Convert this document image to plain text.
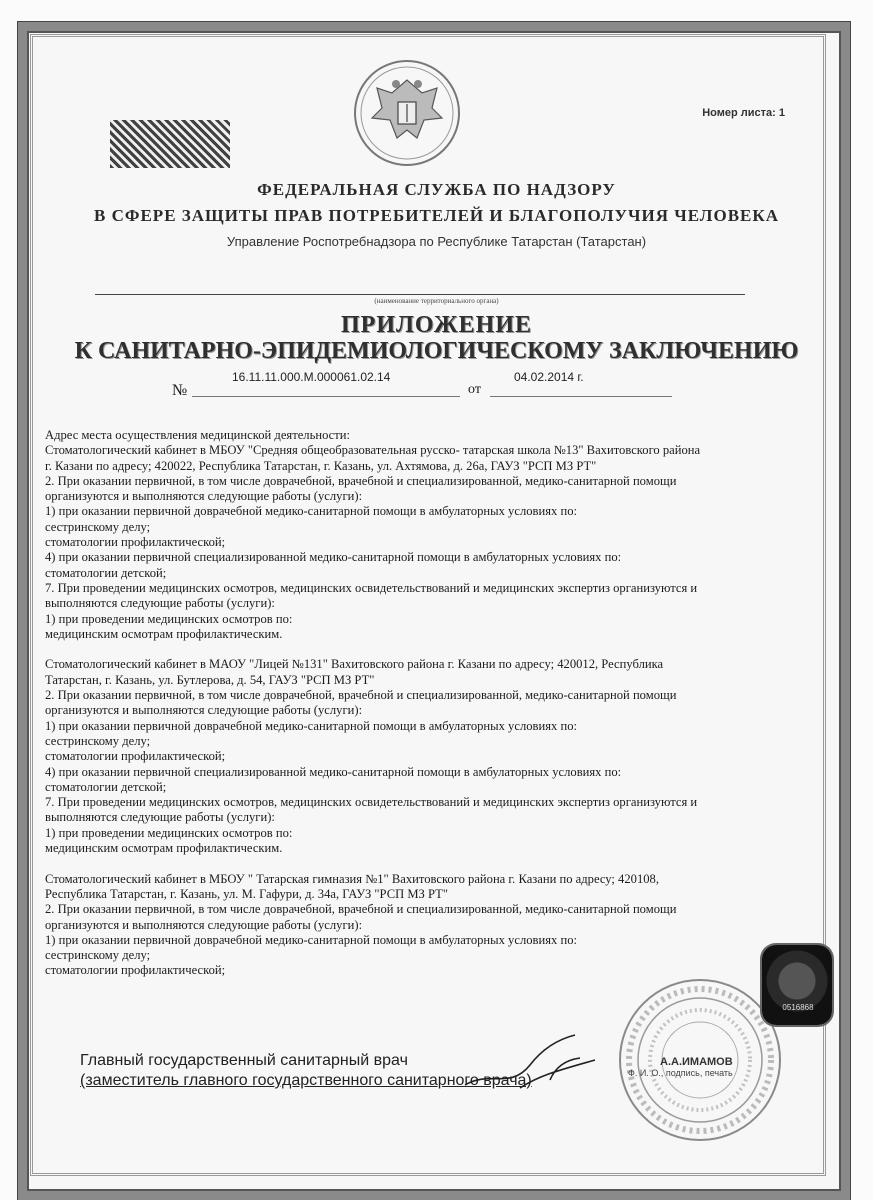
Номер листа: 1
ФЕДЕРАЛЬНАЯ СЛУЖБА ПО НАДЗОРУ
В СФЕРЕ ЗАЩИТЫ ПРАВ ПОТРЕБИТЕЛЕЙ И БЛАГОПОЛУЧИЯ ЧЕЛОВЕКА
Управление Роспотребнадзора по Республике Татарстан (Татарстан)
(наименование территориального органа)
ПРИЛОЖЕНИЕ
К САНИТАРНО-ЭПИДЕМИОЛОГИЧЕСКОМУ ЗАКЛЮЧЕНИЮ
№
16.11.11.000.М.000061.02.14
от
04.02.2014 г.
Адрес места осуществления медицинской деятельности:
Стоматологический кабинет в МБОУ "Средняя общеобразовательная русско- татарская школа №13" Вахитовского района
г. Казани по адресу; 420022, Республика Татарстан, г. Казань, ул. Ахтямова, д. 26а, ГАУЗ "РСП МЗ РТ"
2. При оказании первичной, в том числе доврачебной, врачебной и специализированной, медико-санитарной помощи
организуются и выполняются следующие работы (услуги):
1) при оказании первичной доврачебной медико-санитарной помощи в амбулаторных условиях по:
сестринскому делу;
стоматологии профилактической;
4) при оказании первичной специализированной медико-санитарной помощи в амбулаторных условиях по:
стоматологии детской;
7. При проведении медицинских осмотров, медицинских освидетельствований и медицинских экспертиз организуются и
выполняются следующие работы (услуги):
1) при проведении медицинских осмотров по:
медицинским осмотрам профилактическим.
Стоматологический кабинет в МАОУ "Лицей №131" Вахитовского района г. Казани по адресу; 420012, Республика
Татарстан, г. Казань, ул. Бутлерова, д. 54, ГАУЗ "РСП МЗ РТ"
2. При оказании первичной, в том числе доврачебной, врачебной и специализированной, медико-санитарной помощи
организуются и выполняются следующие работы (услуги):
1) при оказании первичной доврачебной медико-санитарной помощи в амбулаторных условиях по:
сестринскому делу;
стоматологии профилактической;
4) при оказании первичной специализированной медико-санитарной помощи в амбулаторных условиях по:
стоматологии детской;
7. При проведении медицинских осмотров, медицинских освидетельствований и медицинских экспертиз организуются и
выполняются следующие работы (услуги):
1) при проведении медицинских осмотров по:
медицинским осмотрам профилактическим.
Стоматологический кабинет в МБОУ " Татарская гимназия №1" Вахитовского района г. Казани по адресу; 420108,
Республика Татарстан, г. Казань, ул. М. Гафури, д. 34а, ГАУЗ "РСП МЗ РТ"
2. При оказании первичной, в том числе доврачебной, врачебной и специализированной, медико-санитарной помощи
организуются и выполняются следующие работы (услуги):
1) при оказании первичной доврачебной медико-санитарной помощи в амбулаторных условиях по:
сестринскому делу;
стоматологии профилактической;
Главный государственный санитарный врач
(заместитель главного государственного санитарного врача)
А.А.ИМАМОВ
Ф. И. О., подпись, печать
0516868
